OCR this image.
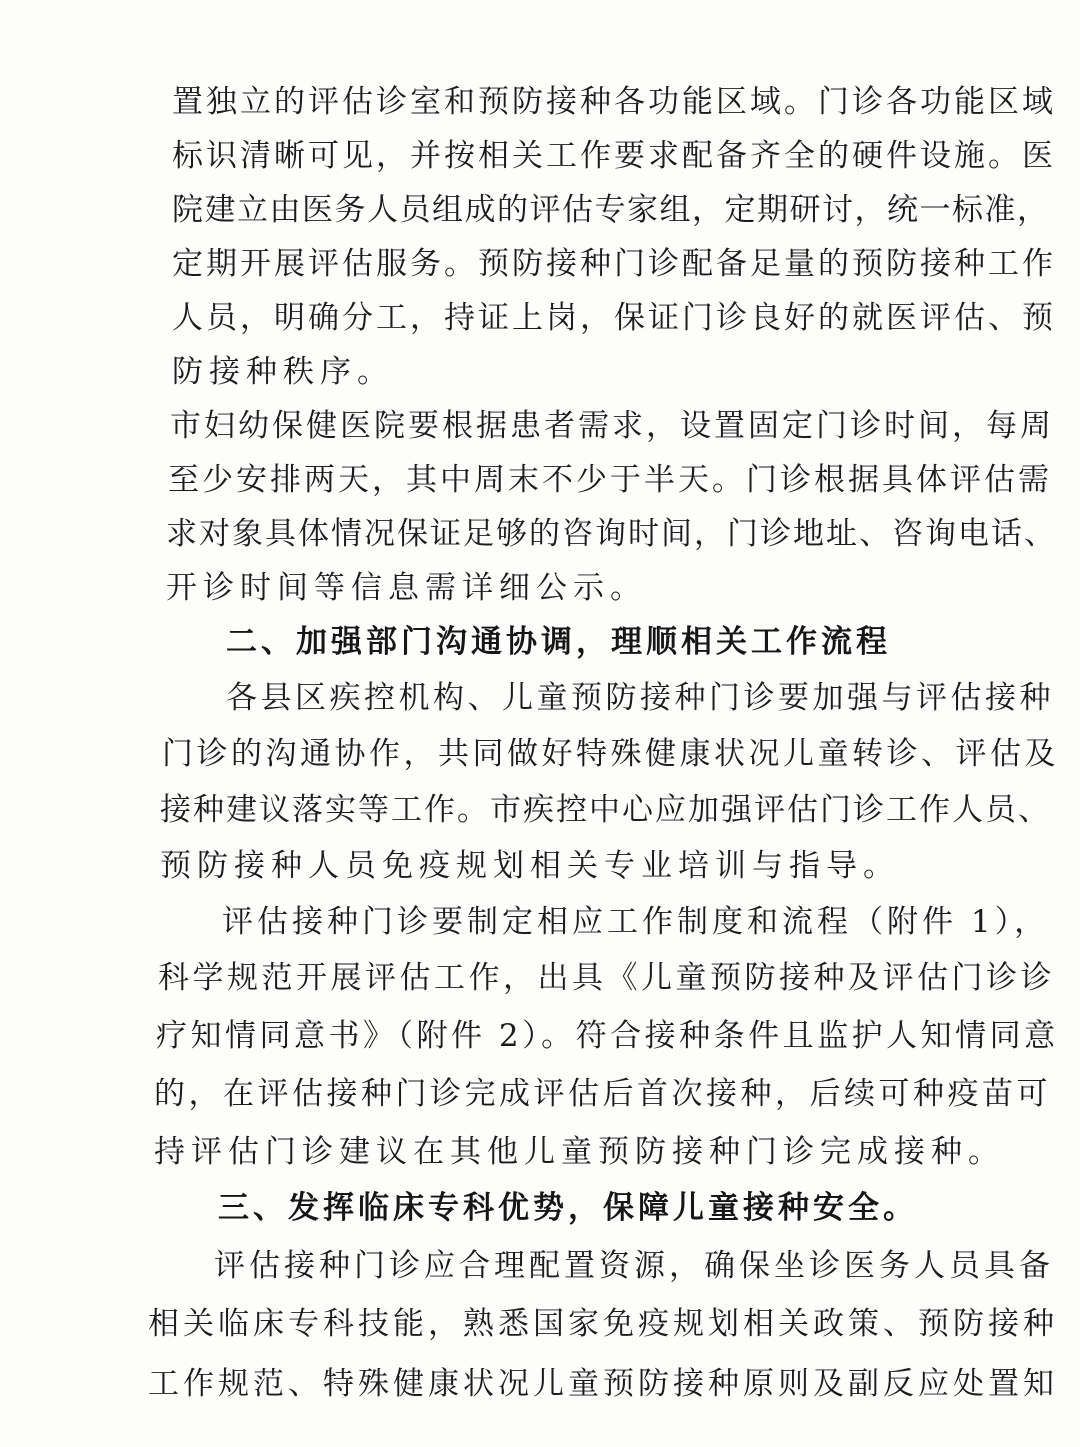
置独立的评估诊室和预防接种各功能区域。门诊各功能区域

标识清晰可见，并按相关工作要求配备齐全的硬件设施。医

院建立由医务人员组成的评估专家组，定期研讨，统一标准，

定期开展评估服务。预防接种门诊配备足量的预防接种工作

人员，明确分工，持证上岗，保证门诊良好的就医评估、预

防接种秩序。

市妇幼保健医院要根据患者需求，设置固定门诊时间，每周

至少安排两天，其中周末不少于半天。门诊根据具体评估需

求对象具体情况保证足够的咨询时间，门诊地址、咨询电话、

开诊时间等信息需详细公示。

二、加强部门沟通协调，理顺相关工作流程

各县区疾控机构、儿童预防接种门诊要加强与评估接种

门诊的沟通协作，共同做好特殊健康状况儿童转诊、评估及

接种建议落实等工作。市疾控中心应加强评估门诊工作人员、

预防接种人员免疫规划相关专业培训与指导。

评估接种门诊要制定相应工作制度和流程（附件 1），

科学规范开展评估工作，出具《儿童预防接种及评估门诊诊

疗知情同意书》（附件 2）。符合接种条件且监护人知情同意

的，在评估接种门诊完成评估后首次接种，后续可种疫苗可

持评估门诊建议在其他儿童预防接种门诊完成接种。

三、发挥临床专科优势，保障儿童接种安全。

评估接种门诊应合理配置资源，确保坐诊医务人员具备

相关临床专科技能，熟悉国家免疫规划相关政策、预防接种

工作规范、特殊健康状况儿童预防接种原则及副反应处置知
